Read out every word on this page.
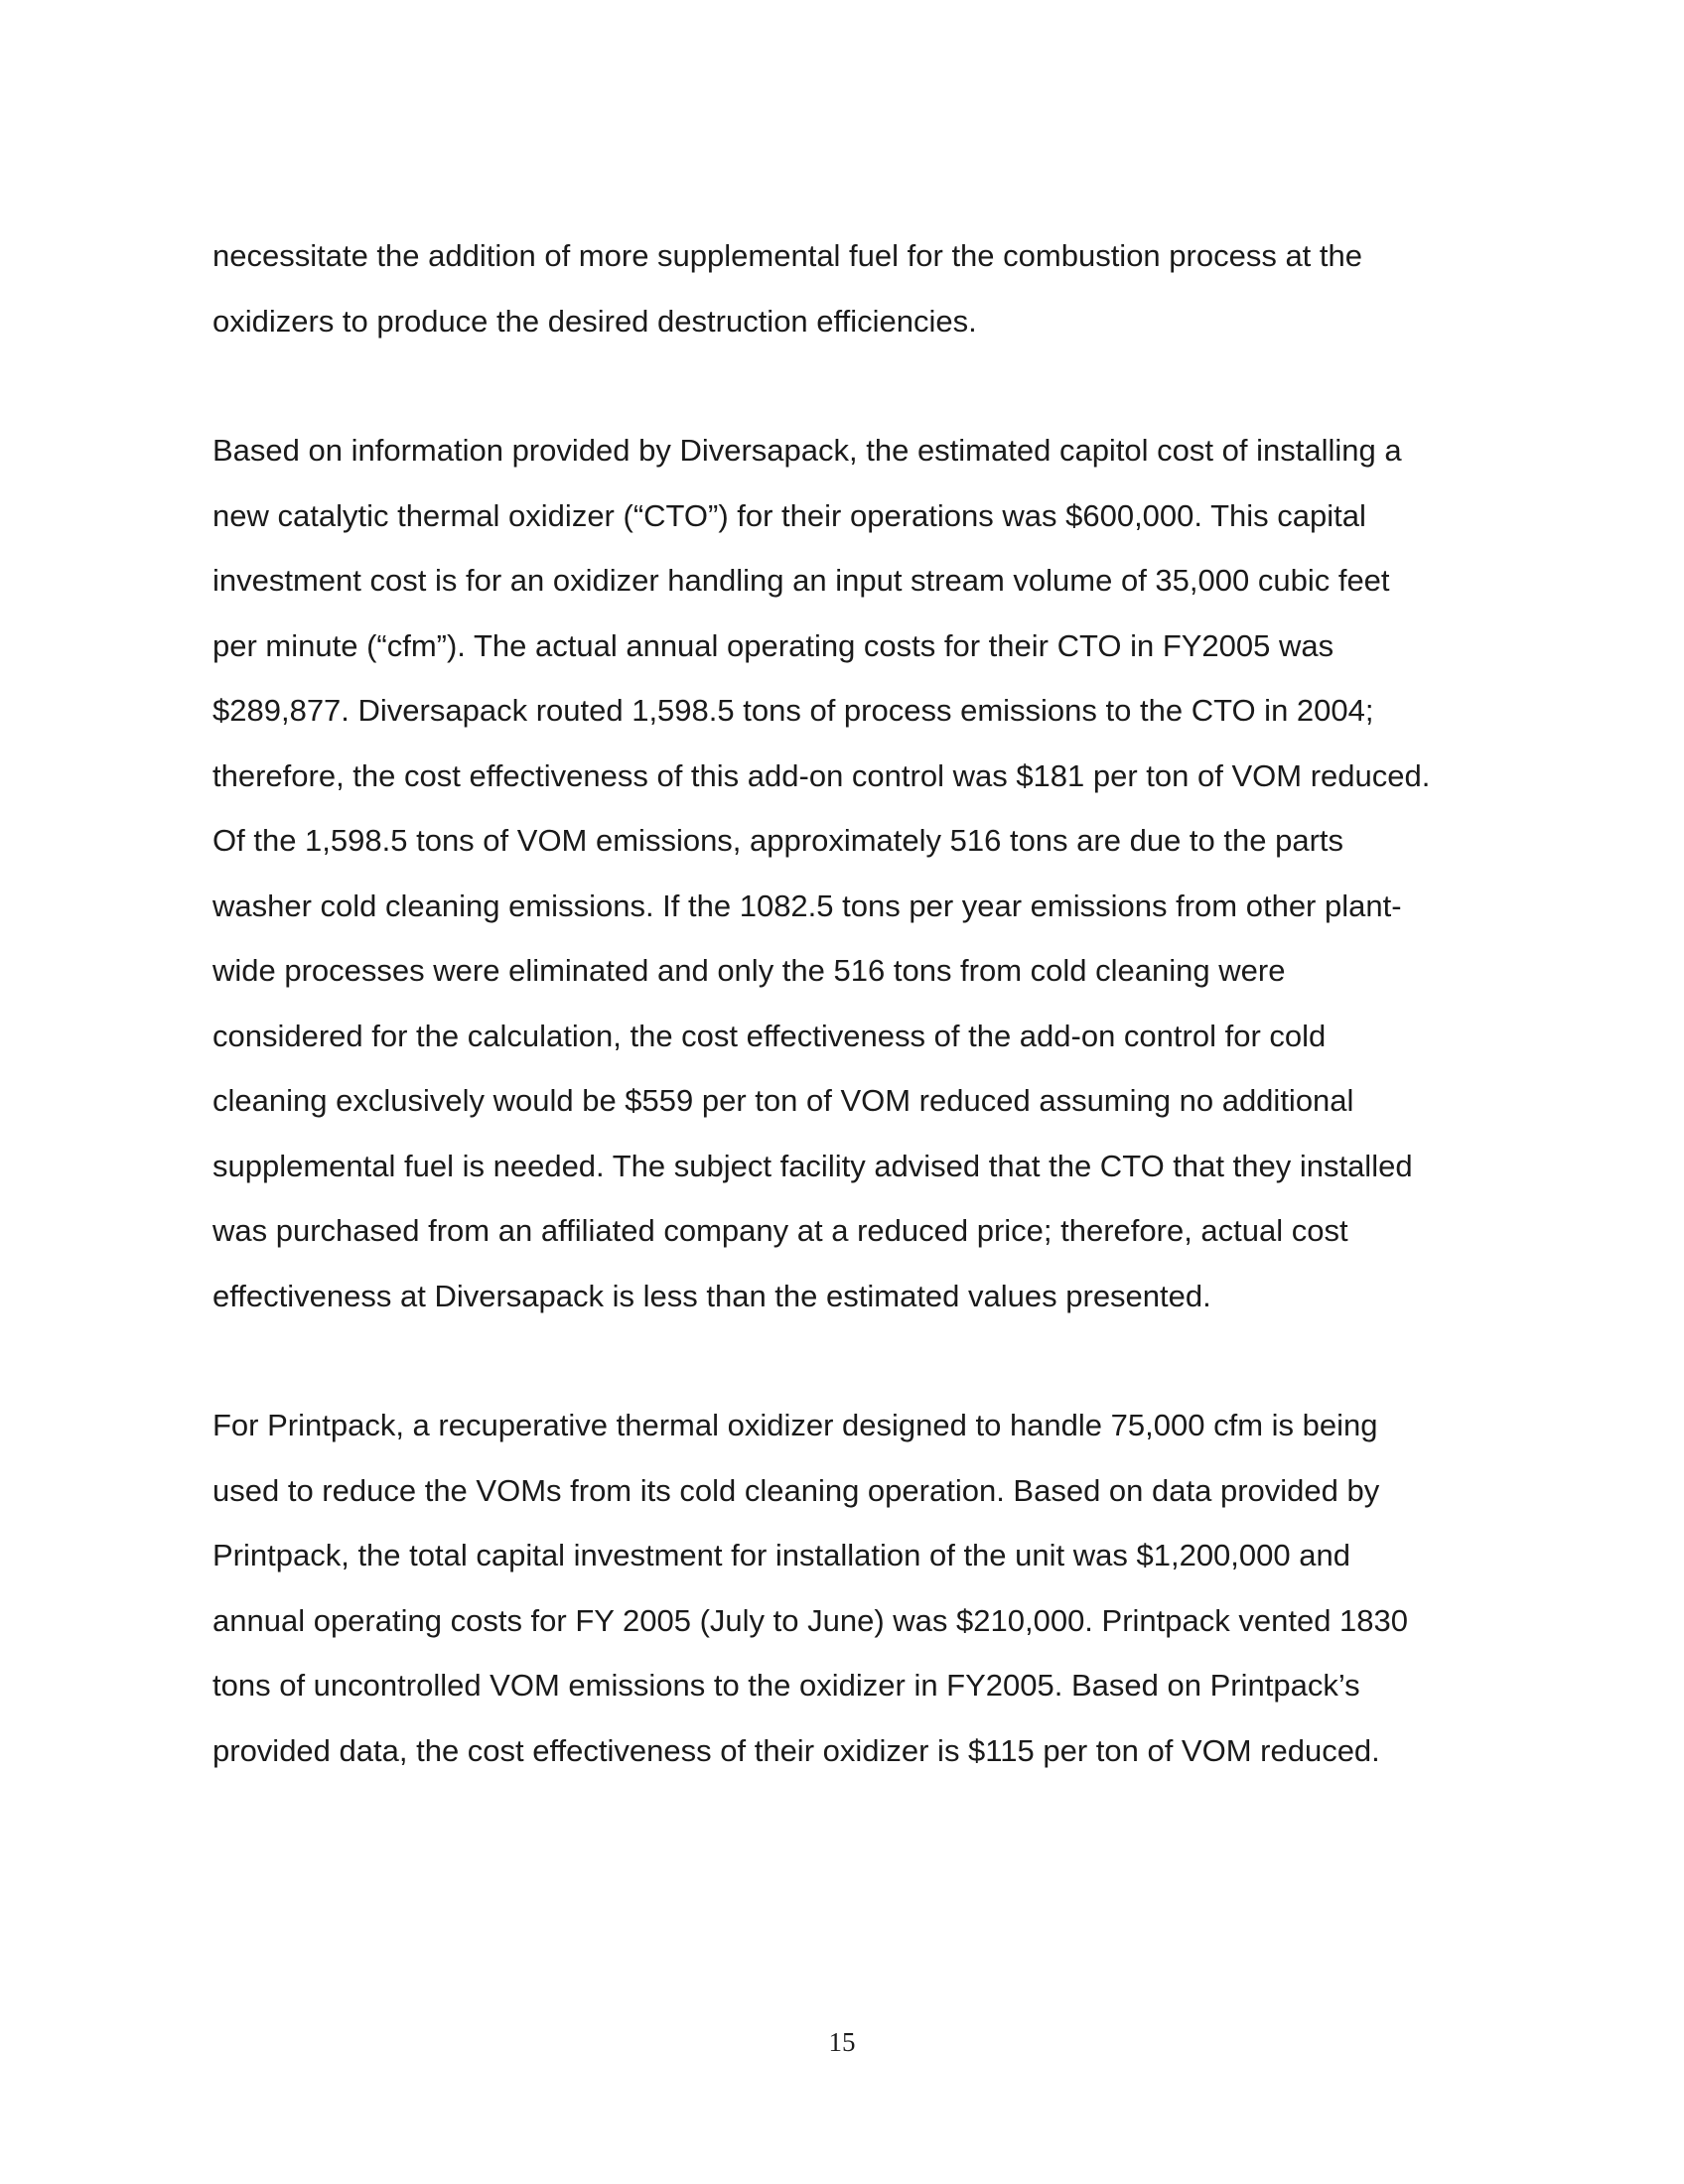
necessitate the addition of more supplemental fuel for the combustion process at the
oxidizers to produce the desired destruction efficiencies.

Based on information provided by Diversapack, the estimated capitol cost of installing a
new catalytic thermal oxidizer (“CTO”) for their operations was $600,000. This capital
investment cost is for an oxidizer handling an input stream volume of 35,000 cubic feet
per minute (“cfm”). The actual annual operating costs for their CTO in FY2005 was
$289,877. Diversapack routed 1,598.5 tons of process emissions to the CTO in 2004;
therefore, the cost effectiveness of this add-on control was $181 per ton of VOM reduced.
Of the 1,598.5 tons of VOM emissions, approximately 516 tons are due to the parts
washer cold cleaning emissions. If the 1082.5 tons per year emissions from other plant-
wide processes were eliminated and only the 516 tons from cold cleaning were
considered for the calculation, the cost effectiveness of the add-on control for cold
cleaning exclusively would be $559 per ton of VOM reduced assuming no additional
supplemental fuel is needed. The subject facility advised that the CTO that they installed
was purchased from an affiliated company at a reduced price; therefore, actual cost
effectiveness at Diversapack is less than the estimated values presented.

For Printpack, a recuperative thermal oxidizer designed to handle 75,000 cfm is being
used to reduce the VOMs from its cold cleaning operation. Based on data provided by
Printpack, the total capital investment for installation of the unit was $1,200,000 and
annual operating costs for FY 2005 (July to June) was $210,000. Printpack vented 1830
tons of uncontrolled VOM emissions to the oxidizer in FY2005. Based on Printpack’s
provided data, the cost effectiveness of their oxidizer is $115 per ton of VOM reduced.

15
